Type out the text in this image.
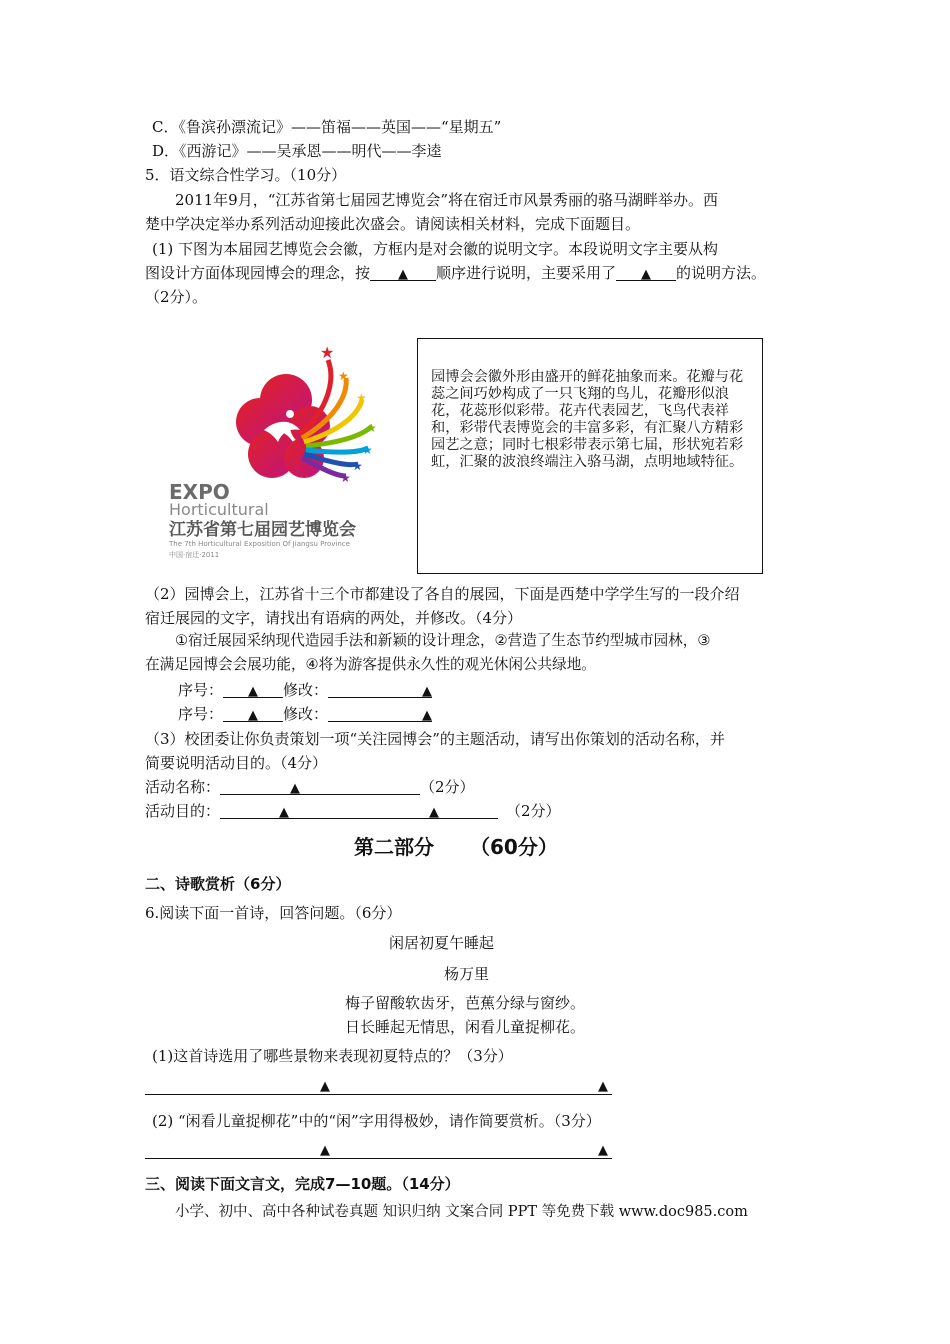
C．《鲁滨孙漂流记》——笛福——英国——“星期五”
D．《西游记》——吴承恩——明代——李逵
5．语文综合性学习。（10分）
2011年9月，“江苏省第七届园艺博览会”将在宿迁市风景秀丽的骆马湖畔举办。西
楚中学决定举办系列活动迎接此次盛会。请阅读相关材料，完成下面题目。
(1) 下图为本届园艺博览会会徽，方框内是对会徽的说明文字。本段说明文字主要从构
图设计方面体现园博会的理念，按 ▲ 顺序进行说明，主要采用了 ▲ 的说明方法。
（2分）。
★
★
★
★
★
★
★
EXPO
Horticultural
江苏省第七届园艺博览会
The 7th Horticultural Exposition Of Jiangsu Province
中国·宿迁·2011
园博会会徽外形由盛开的鲜花抽象而来。花瓣与花蕊之间巧妙构成了一只飞翔的鸟儿，花瓣形似浪花，花蕊形似彩带。花卉代表园艺，飞鸟代表祥和，彩带代表博览会的丰富多彩，有汇聚八方精彩园艺之意；同时七根彩带表示第七届，形状宛若彩虹，汇聚的波浪终端注入骆马湖，点明地域特征。
（2）园博会上，江苏省十三个市都建设了各自的展园，下面是西楚中学学生写的一段介绍
宿迁展园的文字，请找出有语病的两处，并修改。（4分）
①宿迁展园采纳现代造园手法和新颖的设计理念，②营造了生态节约型城市园林，③
在满足园博会会展功能，④将为游客提供永久性的观光休闲公共绿地。
序号： ▲ 修改：	▲
序号： ▲ 修改：	▲
（3）校团委让你负责策划一项“关注园博会”的主题活动，请写出你策划的活动名称，并
简要说明活动目的。（4分）
活动名称：	▲	（2分）
活动目的：	▲	▲	（2分）
第二部分 （60分）
二、诗歌赏析（6分）
6.阅读下面一首诗，回答问题。（6分）
闲居初夏午睡起
杨万里
梅子留酸软齿牙，芭蕉分绿与窗纱。
日长睡起无情思，闲看儿童捉柳花。
(1)这首诗选用了哪些景物来表现初夏特点的？（3分）
▲	▲
(2) “闲看儿童捉柳花”中的“闲”字用得极妙，请作简要赏析。（3分）
▲	▲
三、阅读下面文言文，完成7—10题。（14分）
小学、初中、高中各种试卷真题 知识归纳 文案合同 PPT 等免费下载 www.doc985.com
